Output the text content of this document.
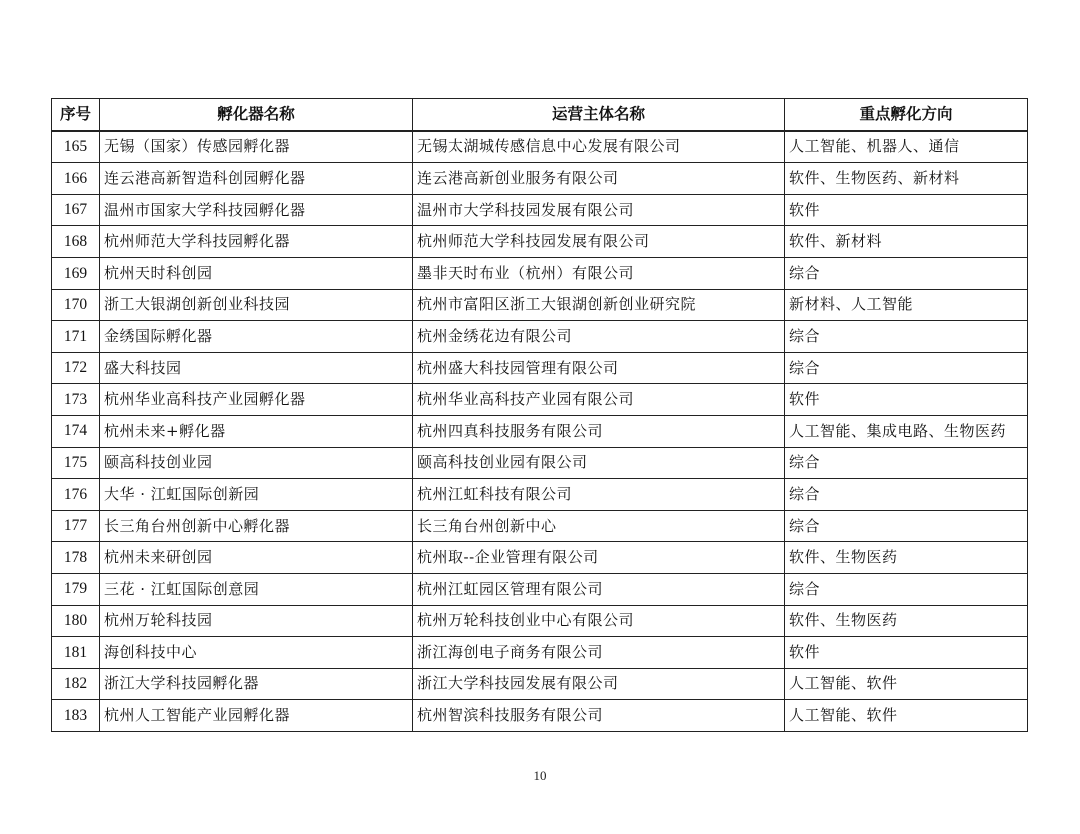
序号	孵化器名称	运营主体名称	重点孵化方向
165	无锡（国家）传感园孵化器	无锡太湖城传感信息中心发展有限公司	人工智能、机器人、通信
166	连云港高新智造科创园孵化器	连云港高新创业服务有限公司	软件、生物医药、新材料
167	温州市国家大学科技园孵化器	温州市大学科技园发展有限公司	软件
168	杭州师范大学科技园孵化器	杭州师范大学科技园发展有限公司	软件、新材料
169	杭州天时科创园	墨非天时布业（杭州）有限公司	综合
170	浙工大银湖创新创业科技园	杭州市富阳区浙工大银湖创新创业研究院	新材料、人工智能
171	金绣国际孵化器	杭州金绣花边有限公司	综合
172	盛大科技园	杭州盛大科技园管理有限公司	综合
173	杭州华业高科技产业园孵化器	杭州华业高科技产业园有限公司	软件
174	杭州未来+孵化器	杭州四真科技服务有限公司	人工智能、集成电路、生物医药
175	颐高科技创业园	颐高科技创业园有限公司	综合
176	大华 · 江虹国际创新园	杭州江虹科技有限公司	综合
177	长三角台州创新中心孵化器	长三角台州创新中心	综合
178	杭州未来研创园	杭州取--企业管理有限公司	软件、生物医药
179	三花 · 江虹国际创意园	杭州江虹园区管理有限公司	综合
180	杭州万轮科技园	杭州万轮科技创业中心有限公司	软件、生物医药
181	海创科技中心	浙江海创电子商务有限公司	软件
182	浙江大学科技园孵化器	浙江大学科技园发展有限公司	人工智能、软件
183	杭州人工智能产业园孵化器	杭州智滨科技服务有限公司	人工智能、软件
10
